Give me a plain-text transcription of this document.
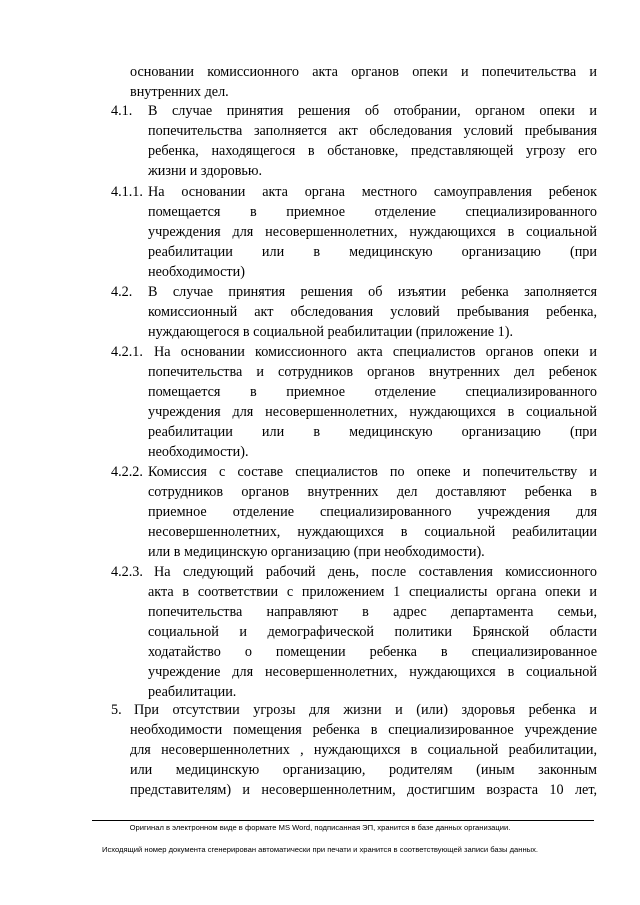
основании комиссионного акта органов опеки и попечительства и
внутренних дел.
4.1. В случае принятия решения об отобрании, органом опеки и
попечительства заполняется акт обследования условий пребывания
ребенка, находящегося в обстановке, представляющей угрозу его
жизни и здоровью.
4.1.1. На основании акта органа местного самоуправления ребенок
помещается в приемное отделение специализированного
учреждения для несовершеннолетних, нуждающихся в социальной
реабилитации или в медицинскую организацию (при
необходимости)
4.2. В случае принятия решения об изъятии ребенка заполняется
комиссионный акт обследования условий пребывания ребенка,
нуждающегося в социальной реабилитации (приложение 1).
4.2.1. На основании комиссионного акта специалистов органов опеки и
попечительства и сотрудников органов внутренних дел ребенок
помещается в приемное отделение специализированного
учреждения для несовершеннолетних, нуждающихся в социальной
реабилитации или в медицинскую организацию (при
необходимости).
4.2.2. Комиссия с составе специалистов по опеке и попечительству и
сотрудников органов внутренних дел доставляют ребенка в
приемное отделение специализированного учреждения для
несовершеннолетних, нуждающихся в социальной реабилитации
или в медицинскую организацию (при необходимости).
4.2.3. На следующий рабочий день, после составления комиссионного
акта в соответствии с приложением 1 специалисты органа опеки и
попечительства направляют в адрес департамента семьи,
социальной и демографической политики Брянской области
ходатайство о помещении ребенка в специализированное
учреждение для несовершеннолетних, нуждающихся в социальной
реабилитации.
5. При отсутствии угрозы для жизни и (или) здоровья ребенка и
необходимости помещения ребенка в специализированное учреждение
для несовершеннолетних , нуждающихся в социальной реабилитации,
или медицинскую организацию, родителям (иным законным
представителям) и несовершеннолетним, достигшим возраста 10 лет,
Оригинал в электронном виде в формате MS Word, подписанная ЭП, хранится в базе данных организации.
Исходящий номер документа сгенерирован автоматически при печати и хранится в соответствующей записи базы данных.
